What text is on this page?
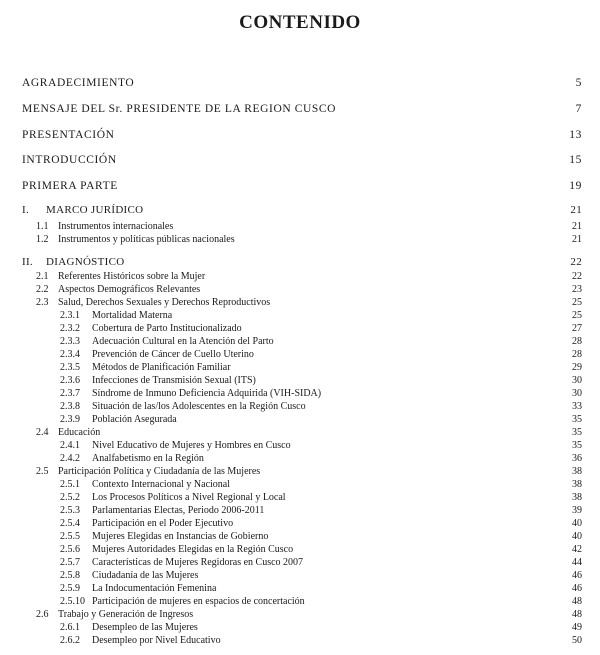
CONTENIDO
AGRADECIMIENTO	5
MENSAJE DEL Sr. PRESIDENTE DE LA REGION CUSCO	7
PRESENTACIÓN	13
INTRODUCCIÓN	15
PRIMERA PARTE	19
I. MARCO JURÍDICO	21
1.1 Instrumentos internacionales	21
1.2 Instrumentos y políticas públicas nacionales	21
II. DIAGNÓSTICO	22
2.1 Referentes Históricos sobre la Mujer	22
2.2 Aspectos Demográficos Relevantes	23
2.3 Salud, Derechos Sexuales y Derechos Reproductivos	25
2.3.1 Mortalidad Materna	25
2.3.2 Cobertura de Parto Institucionalizado	27
2.3.3 Adecuación Cultural en la Atención del Parto	28
2.3.4 Prevención de Cáncer de Cuello Uterino	28
2.3.5 Métodos de Planificación Familiar	29
2.3.6 Infecciones de Transmisión Sexual (ITS)	30
2.3.7 Síndrome de Inmuno Deficiencia Adquirida (VIH-SIDA)	30
2.3.8 Situación de las/los Adolescentes en la Región Cusco	33
2.3.9 Población Asegurada	35
2.4 Educación	35
2.4.1 Nivel Educativo de Mujeres y Hombres en Cusco	35
2.4.2 Analfabetismo en la Región	36
2.5 Participación Política y Ciudadanía de las Mujeres	38
2.5.1 Contexto Internacional y Nacional	38
2.5.2 Los Procesos Políticos a Nivel Regional y Local	38
2.5.3 Parlamentarias Electas, Periodo 2006-2011	39
2.5.4 Participación en el Poder Ejecutivo	40
2.5.5 Mujeres Elegidas en Instancias de Gobierno	40
2.5.6 Mujeres Autoridades Elegidas en la Región Cusco	42
2.5.7 Características de Mujeres Regidoras en Cusco 2007	44
2.5.8 Ciudadanía de las Mujeres	46
2.5.9 La Indocumentación Femenina	46
2.5.10 Participación de mujeres en espacios de concertación	48
2.6 Trabajo y Generación de Ingresos	48
2.6.1 Desempleo de las Mujeres	49
2.6.2 Desempleo por Nivel Educativo	50
